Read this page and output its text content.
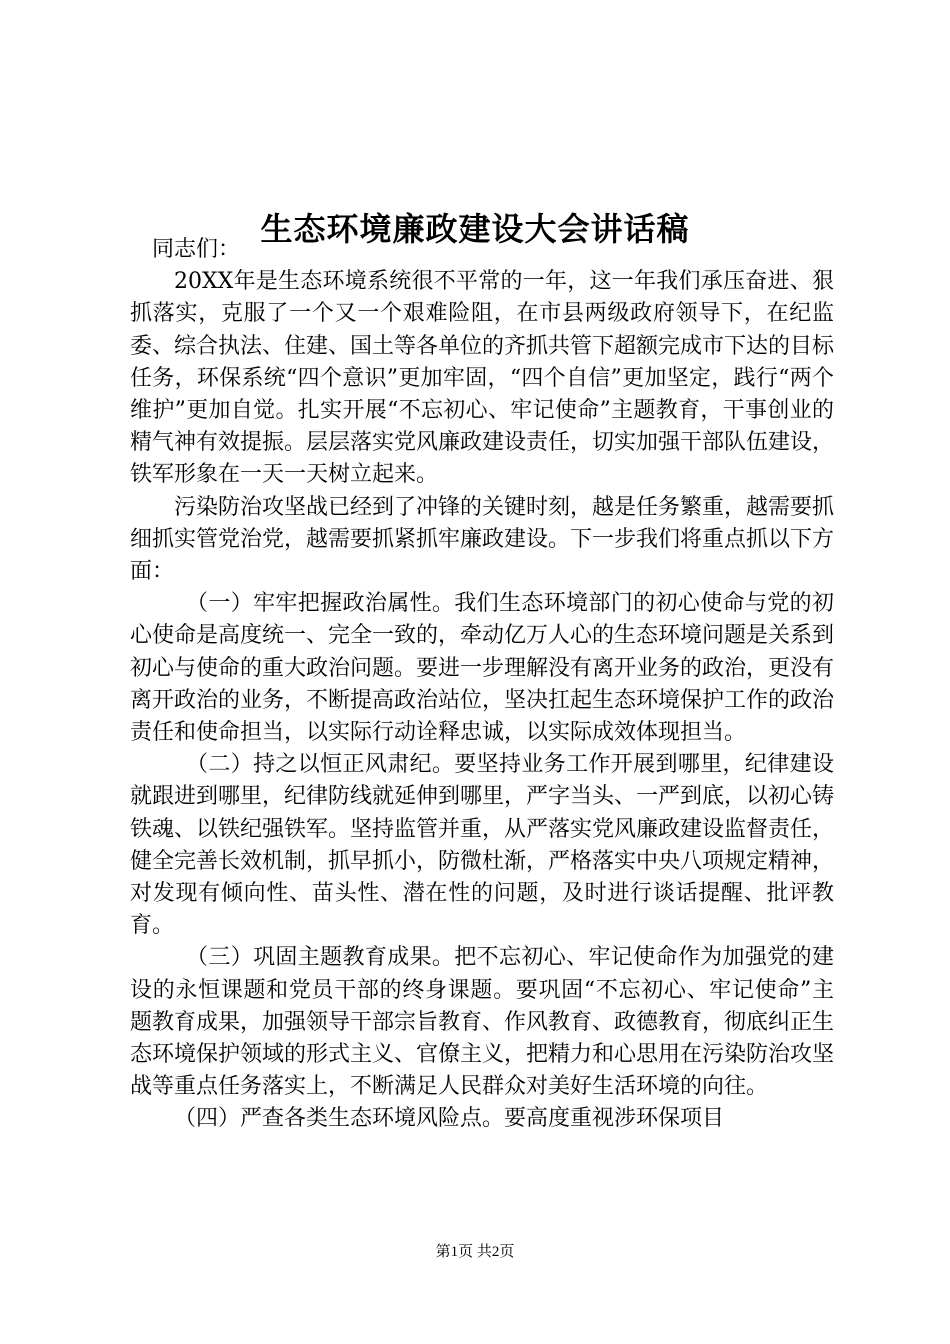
生态环境廉政建设大会讲话稿

同志们：

20XX年是生态环境系统很不平常的一年，这一年我们承压奋进、狠抓落实，克服了一个又一个艰难险阻，在市县两级政府领导下，在纪监委、综合执法、住建、国土等各单位的齐抓共管下超额完成市下达的目标任务，环保系统“四个意识”更加牢固，“四个自信”更加坚定，践行“两个维护”更加自觉。扎实开展“不忘初心、牢记使命”主题教育，干事创业的精气神有效提振。层层落实党风廉政建设责任，切实加强干部队伍建设，铁军形象在一天一天树立起来。

污染防治攻坚战已经到了冲锋的关键时刻，越是任务繁重，越需要抓细抓实管党治党，越需要抓紧抓牢廉政建设。下一步我们将重点抓以下方面：

（一）牢牢把握政治属性。我们生态环境部门的初心使命与党的初心使命是高度统一、完全一致的，牵动亿万人心的生态环境问题是关系到初心与使命的重大政治问题。要进一步理解没有离开业务的政治，更没有离开政治的业务，不断提高政治站位，坚决扛起生态环境保护工作的政治责任和使命担当，以实际行动诠释忠诚，以实际成效体现担当。

（二）持之以恒正风肃纪。要坚持业务工作开展到哪里，纪律建设就跟进到哪里，纪律防线就延伸到哪里，严字当头、一严到底，以初心铸铁魂、以铁纪强铁军。坚持监管并重，从严落实党风廉政建设监督责任，健全完善长效机制，抓早抓小，防微杜渐，严格落实中央八项规定精神，对发现有倾向性、苗头性、潜在性的问题，及时进行谈话提醒、批评教育。

（三）巩固主题教育成果。把不忘初心、牢记使命作为加强党的建设的永恒课题和党员干部的终身课题。要巩固“不忘初心、牢记使命”主题教育成果，加强领导干部宗旨教育、作风教育、政德教育，彻底纠正生态环境保护领域的形式主义、官僚主义，把精力和心思用在污染防治攻坚战等重点任务落实上，不断满足人民群众对美好生活环境的向往。

（四）严查各类生态环境风险点。要高度重视涉环保项目

第1页 共2页
